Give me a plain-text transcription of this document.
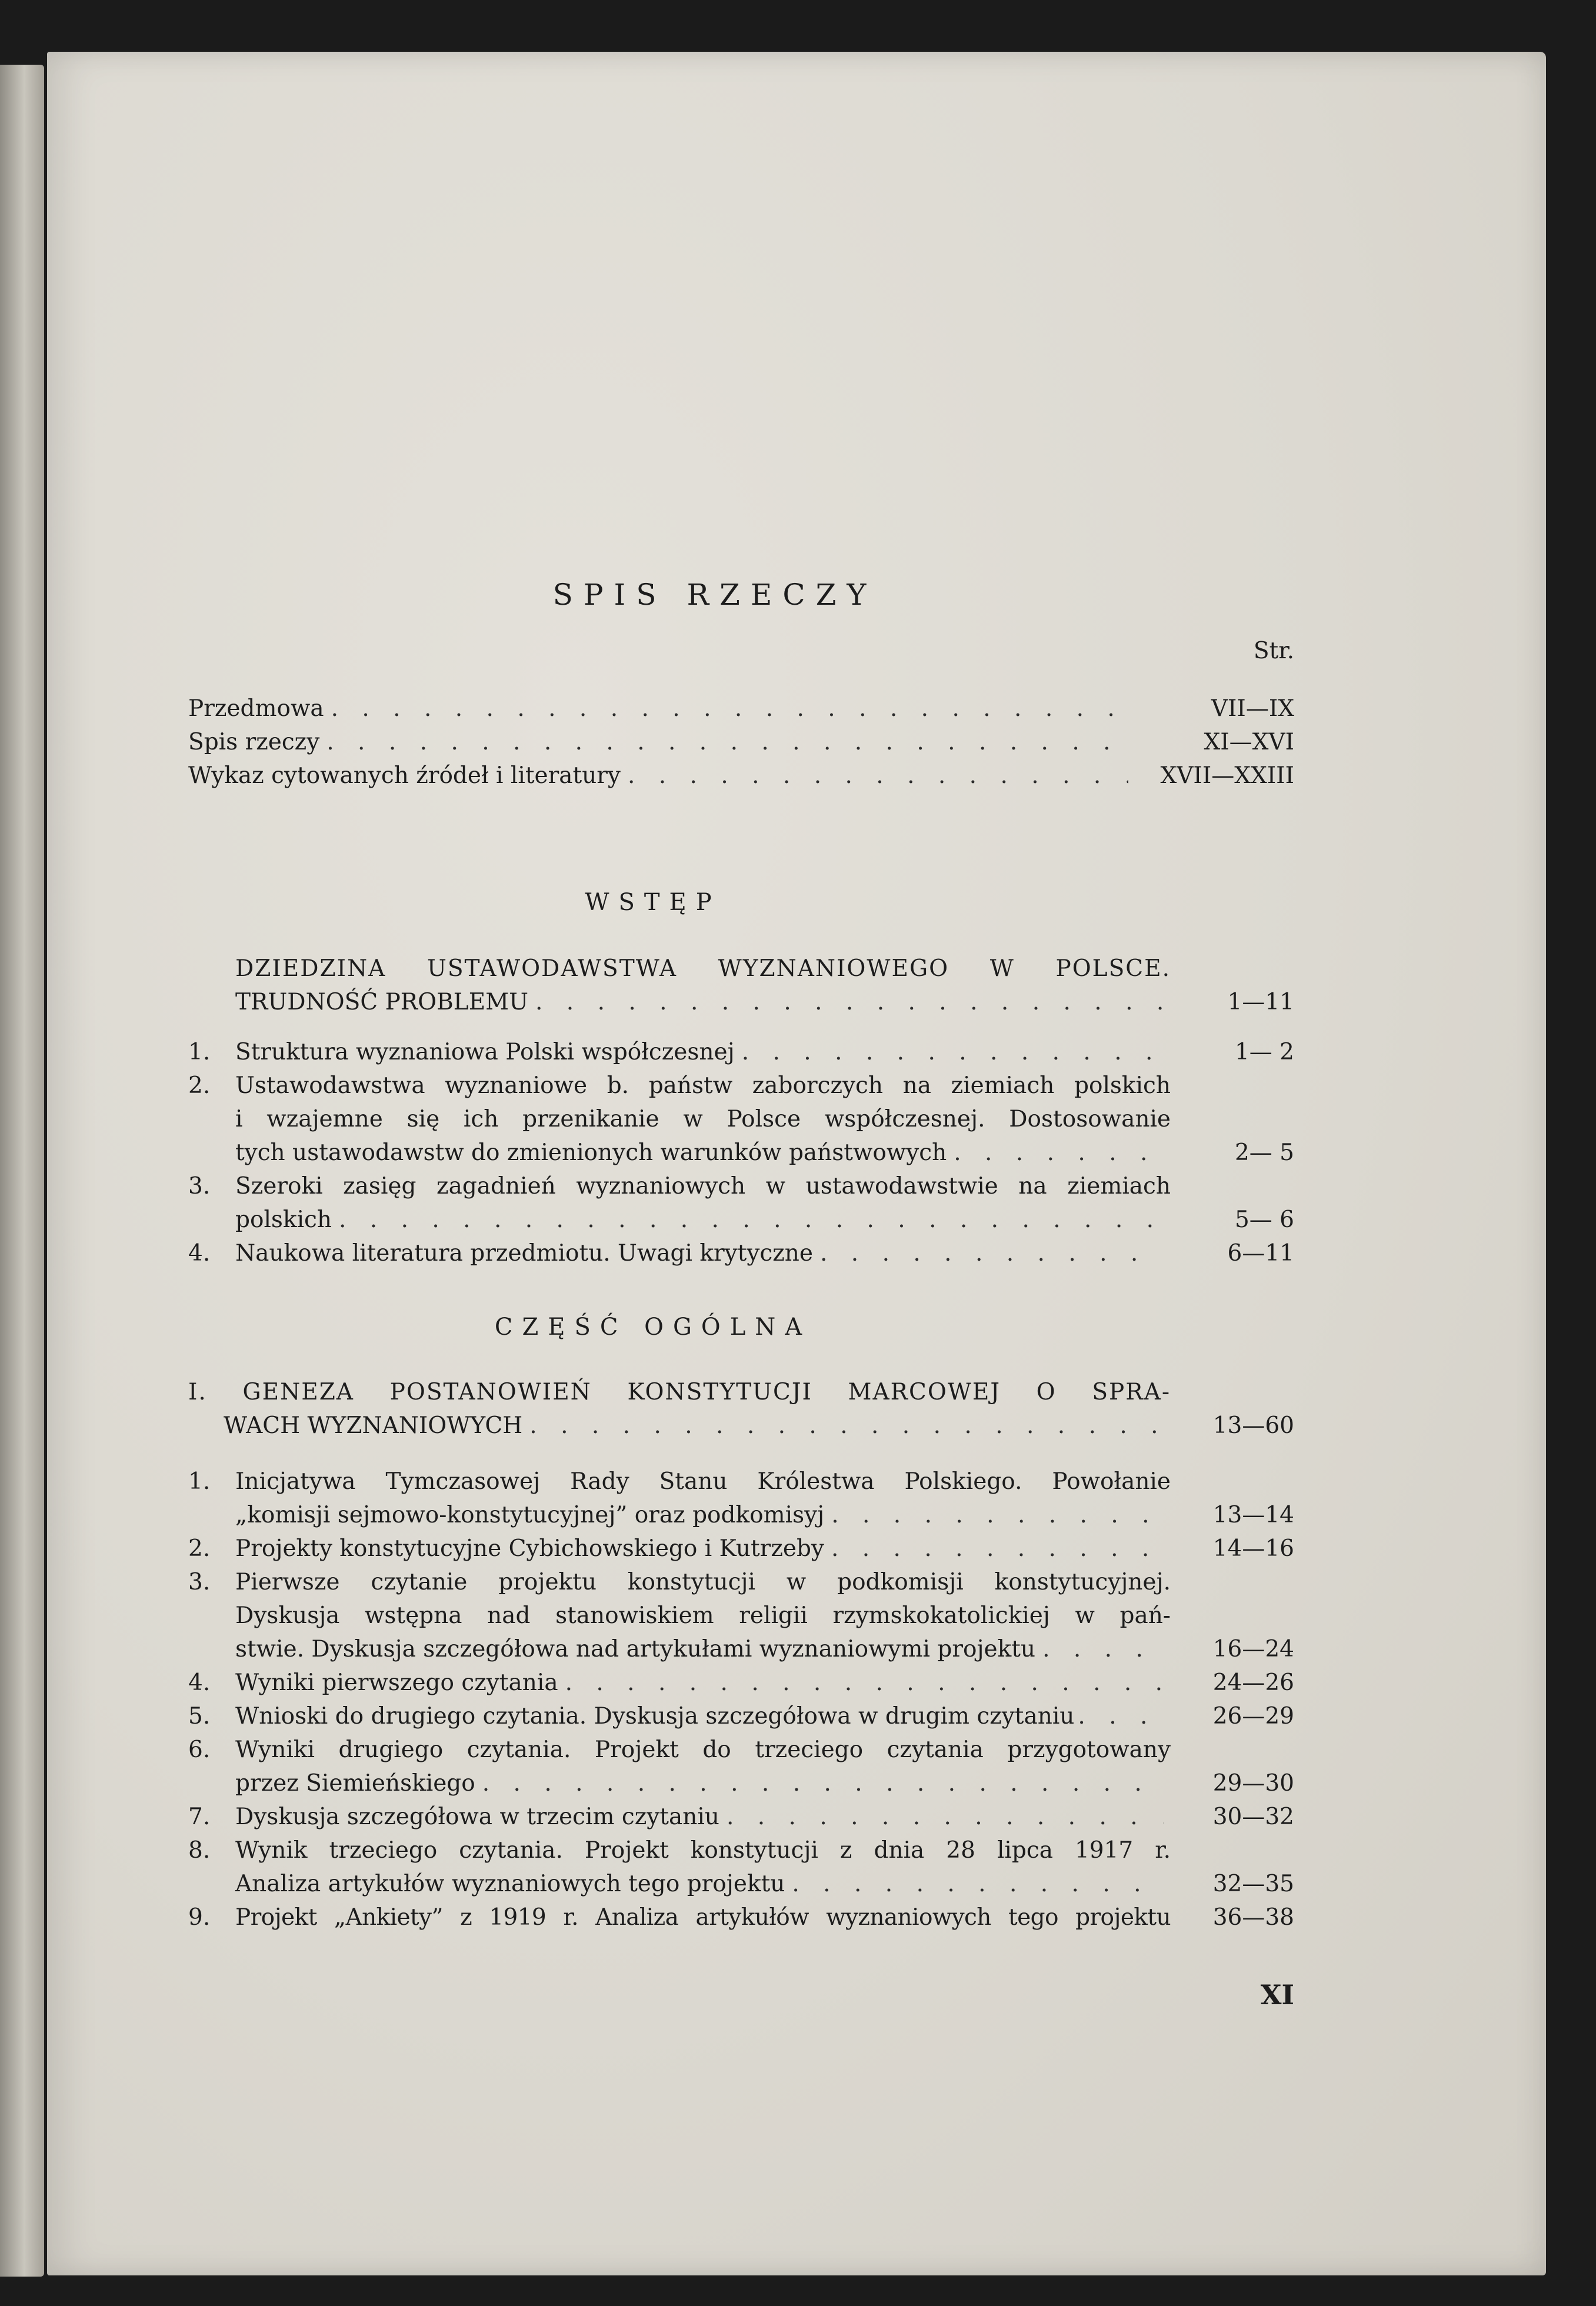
SPIS RZECZY
Str.
Przedmowa . . .	VII—IX
Spis rzeczy . . .	XI—XVI
Wykaz cytowanych źródeł i literatury . . .	XVII—XXIII
WSTĘP
DZIEDZINA USTAWODAWSTWA WYZNANIOWEGO W POLSCE.
TRUDNOŚĆ PROBLEMU . . .	1—11
1.	Struktura wyznaniowa Polski współczesnej . . .	1— 2
2.	Ustawodawstwa wyznaniowe b. państw zaborczych na ziemiach polskich
i wzajemne się ich przenikanie w Polsce współczesnej. Dostosowanie
tych ustawodawstw do zmienionych warunków państwowych . . .	2— 5
3.	Szeroki zasięg zagadnień wyznaniowych w ustawodawstwie na ziemiach
polskich . . .	5— 6
4.	Naukowa literatura przedmiotu. Uwagi krytyczne . . .	6—11
CZĘŚĆ OGÓLNA
I. GENEZA POSTANOWIEŃ KONSTYTUCJI MARCOWEJ O SPRA-
WACH WYZNANIOWYCH . . .	13—60
1.	Inicjatywa Tymczasowej Rady Stanu Królestwa Polskiego. Powołanie
„komisji sejmowo-konstytucyjnej” oraz podkomisyj . . .	13—14
2.	Projekty konstytucyjne Cybichowskiego i Kutrzeby . . .	14—16
3.	Pierwsze czytanie projektu konstytucji w podkomisji konstytucyjnej.
Dyskusja wstępna nad stanowiskiem religii rzymskokatolickiej w pań-
stwie. Dyskusja szczegółowa nad artykułami wyznaniowymi projektu . . .	16—24
4.	Wyniki pierwszego czytania . . .	24—26
5.	Wnioski do drugiego czytania. Dyskusja szczegółowa w drugim czytaniu . . .	26—29
6.	Wyniki drugiego czytania. Projekt do trzeciego czytania przygotowany
przez Siemieńskiego . . .	29—30
7.	Dyskusja szczegółowa w trzecim czytaniu . . .	30—32
8.	Wynik trzeciego czytania. Projekt konstytucji z dnia 28 lipca 1917 r.
Analiza artykułów wyznaniowych tego projektu . . .	32—35
9.	Projekt „Ankiety” z 1919 r. Analiza artykułów wyznaniowych tego projektu	36—38
XI
